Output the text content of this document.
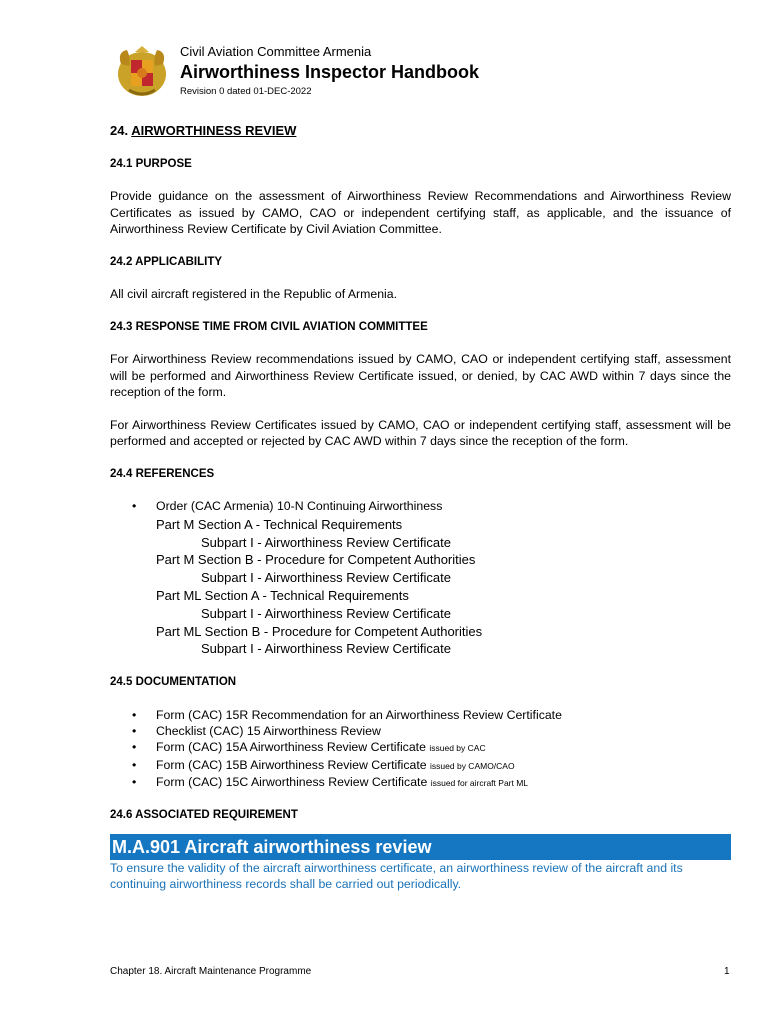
Civil Aviation Committee Armenia
Airworthiness Inspector Handbook
Revision 0 dated 01-DEC-2022

24. AIRWORTHINESS REVIEW

24.1 PURPOSE

Provide guidance on the assessment of Airworthiness Review Recommendations and Airworthiness Review Certificates as issued by CAMO, CAO or independent certifying staff, as applicable, and the issuance of Airworthiness Review Certificate by Civil Aviation Committee.

24.2 APPLICABILITY

All civil aircraft registered in the Republic of Armenia.

24.3 RESPONSE TIME FROM CIVIL AVIATION COMMITTEE

For Airworthiness Review recommendations issued by CAMO, CAO or independent certifying staff, assessment will be performed and Airworthiness Review Certificate issued, or denied, by CAC AWD within 7 days since the reception of the form.

For Airworthiness Review Certificates issued by CAMO, CAO or independent certifying staff, assessment will be performed and accepted or rejected by CAC AWD within 7 days since the reception of the form.

24.4 REFERENCES

• Order (CAC Armenia) 10-N Continuing Airworthiness
Part M Section A - Technical Requirements
Subpart I - Airworthiness Review Certificate
Part M Section B - Procedure for Competent Authorities
Subpart I - Airworthiness Review Certificate
Part ML Section A - Technical Requirements
Subpart I - Airworthiness Review Certificate
Part ML Section B - Procedure for Competent Authorities
Subpart I - Airworthiness Review Certificate

24.5 DOCUMENTATION

• Form (CAC) 15R Recommendation for an Airworthiness Review Certificate
• Checklist (CAC) 15 Airworthiness Review
• Form (CAC) 15A Airworthiness Review Certificate issued by CAC
• Form (CAC) 15B Airworthiness Review Certificate issued by CAMO/CAO
• Form (CAC) 15C Airworthiness Review Certificate issued for aircraft Part ML

24.6 ASSOCIATED REQUIREMENT

M.A.901 Aircraft airworthiness review

To ensure the validity of the aircraft airworthiness certificate, an airworthiness review of the aircraft and its continuing airworthiness records shall be carried out periodically.

Chapter 18. Aircraft Maintenance Programme	1
